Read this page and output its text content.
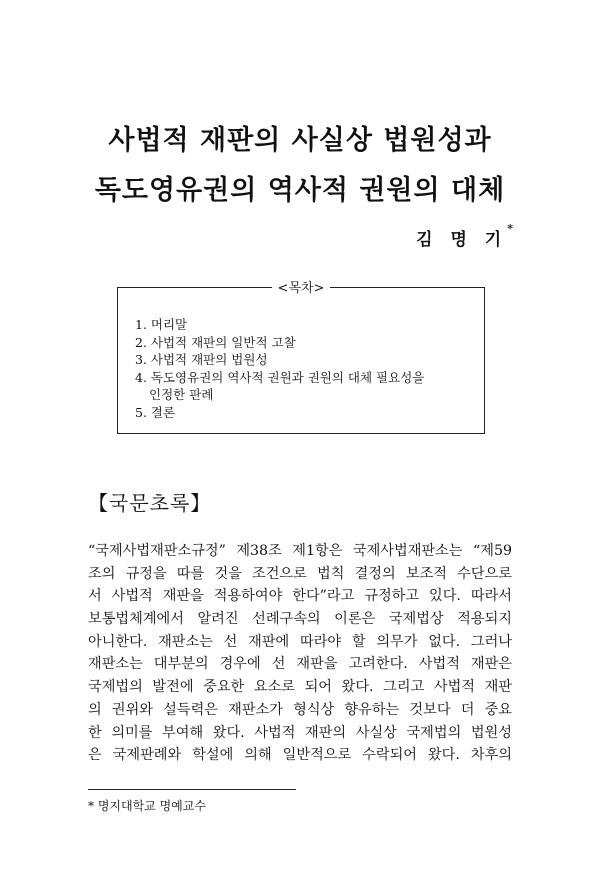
사법적 재판의 사실상 법원성과
독도영유권의 역사적 권원의 대체
김 명 기*
<목차>
1. 머리말
2. 사법적 재판의 일반적 고찰
3. 사법적 재판의 법원성
4. 독도영유권의 역사적 권원과 권원의 대체 필요성을
인정한 판례
5. 결론
【국문초록】
“국제사법재판소규정” 제38조 제1항은 국제사법재판소는 “제59
조의 규정을 따를 것을 조건으로 법칙 결정의 보조적 수단으로
서 사법적 재판을 적용하여야 한다”라고 규정하고 있다. 따라서
보통법체계에서 알려진 선례구속의 이론은 국제법상 적용되지
아니한다. 재판소는 선 재판에 따라야 할 의무가 없다. 그러나
재판소는 대부분의 경우에 선 재판을 고려한다. 사법적 재판은
국제법의 발전에 중요한 요소로 되어 왔다. 그리고 사법적 재판
의 권위와 설득력은 재판소가 형식상 향유하는 것보다 더 중요
한 의미를 부여해 왔다. 사법적 재판의 사실상 국제법의 법원성
은 국제판례와 학설에 의해 일반적으로 수락되어 왔다. 차후의
* 명지대학교 명예교수
